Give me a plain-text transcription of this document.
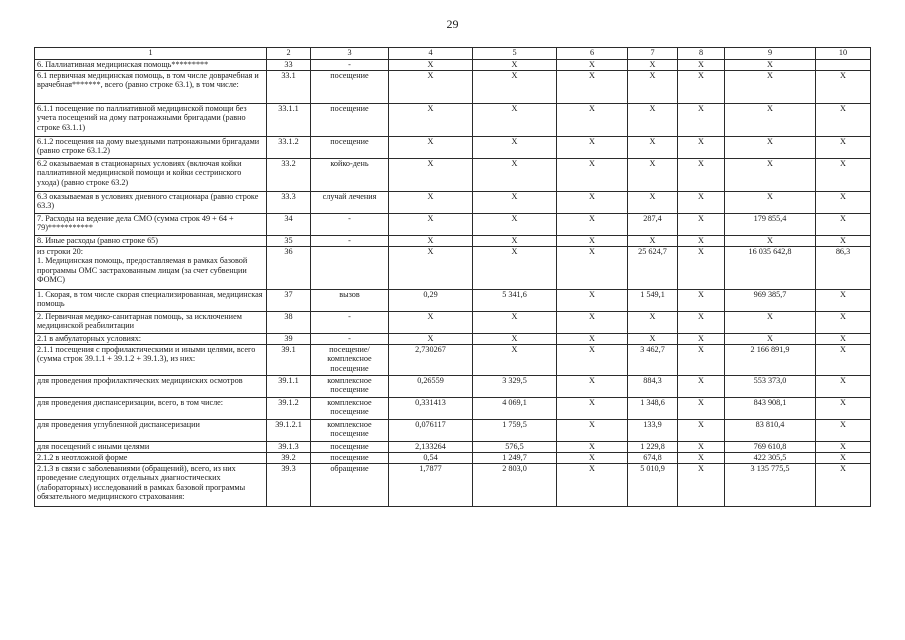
29
1	2	3	4	5	6	7	8	9	10
6. Паллиативная медицинская помощь*********	33	-	X	X	X	X	X	X	
6.1 первичная медицинская помощь, в том числе доврачебная и врачебная*******, всего (равно строке 63.1), в том числе:	33.1	посещение	X	X	X	X	X	X	X
6.1.1 посещение по паллиативной медицинской помощи без учета посещений на дому патронажными бригадами (равно строке 63.1.1)	33.1.1	посещение	X	X	X	X	X	X	X
6.1.2 посещения на дому выездными патронажными бригадами (равно строке 63.1.2)	33.1.2	посещение	X	X	X	X	X	X	X
6.2 оказываемая в стационарных условиях (включая койки паллиативной медицинской помощи и койки сестринского ухода) (равно строке 63.2)	33.2	койко-день	X	X	X	X	X	X	X
6.3 оказываемая в условиях дневного стационара (равно строке 63.3)	33.3	случай лечения	X	X	X	X	X	X	X
7. Расходы на ведение дела СМО (сумма строк 49 + 64 + 79)***********	34	-	X	X	X	287,4	X	179 855,4	X
8. Иные расходы (равно строке 65)	35	-	X	X	X	X	X	X	X
из строки 20:
1. Медицинская помощь, предоставляемая в рамках базовой программы ОМС застрахованным лицам (за счет субвенции ФОМС)	36		X	X	X	25 624,7	X	16 035 642,8	86,3
1. Скорая, в том числе скорая специализированная, медицинская помощь	37	вызов	0,29	5 341,6	X	1 549,1	X	969 385,7	X
2. Первичная медико-санитарная помощь, за исключением медицинской реабилитации	38	-	X	X	X	X	X	X	X
2.1 в амбулаторных условиях:	39	-	X	X	X	X	X	X	X
2.1.1 посещения с профилактическими и иными целями, всего (сумма строк 39.1.1 + 39.1.2 + 39.1.3), из них:	39.1	посещение/ комплексное посещение	2,730267	X	X	3 462,7	X	2 166 891,9	X
для проведения профилактических медицинских осмотров	39.1.1	комплексное посещение	0,26559	3 329,5	X	884,3	X	553 373,0	X
для проведения диспансеризации, всего, в том числе:	39.1.2	комплексное посещение	0,331413	4 069,1	X	1 348,6	X	843 908,1	X
для проведения углубленной диспансеризации	39.1.2.1	комплексное посещение	0,076117	1 759,5	X	133,9	X	83 810,4	X
для посещений с иными целями	39.1.3	посещение	2,133264	576,5	X	1 229,8	X	769 610,8	X
2.1.2 в неотложной форме	39.2	посещение	0,54	1 249,7	X	674,8	X	422 305,5	X
2.1.3 в связи с заболеваниями (обращений), всего, из них проведение следующих отдельных диагностических (лабораторных) исследований в рамках базовой программы обязательного медицинского страхования:	39.3	обращение	1,7877	2 803,0	X	5 010,9	X	3 135 775,5	X
